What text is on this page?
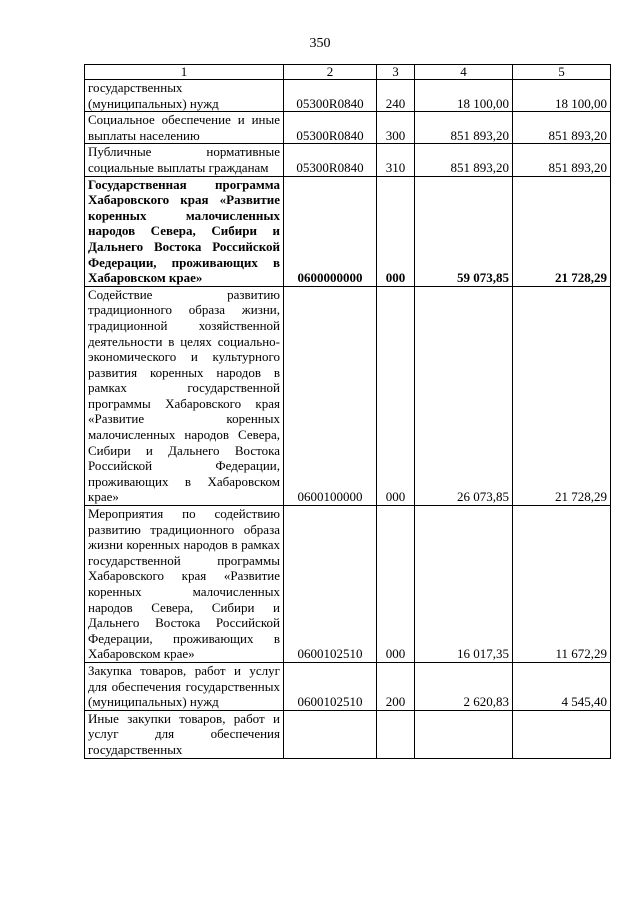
350
1	2	3	4	5
государственных (муниципальных) нужд	05300R0840	240	18 100,00	18 100,00
Социальное обеспечение и иные выплаты населению	05300R0840	300	851 893,20	851 893,20
Публичные нормативные социальные выплаты гражданам	05300R0840	310	851 893,20	851 893,20
Государственная программа Хабаровского края «Развитие коренных малочисленных народов Севера, Сибири и Дальнего Востока Российской Федерации, проживающих в Хабаровском крае»	0600000000	000	59 073,85	21 728,29
Содействие развитию традиционного образа жизни, традиционной хозяйственной деятельности в целях социально-экономического и культурного развития коренных народов в рамках государственной программы Хабаровского края «Развитие коренных малочисленных народов Севера, Сибири и Дальнего Востока Российской Федерации, проживающих в Хабаровском крае»	0600100000	000	26 073,85	21 728,29
Мероприятия по содействию развитию традиционного образа жизни коренных народов в рамках государственной программы Хабаровского края «Развитие коренных малочисленных народов Севера, Сибири и Дальнего Востока Российской Федерации, проживающих в Хабаровском крае»	0600102510	000	16 017,35	11 672,29
Закупка товаров, работ и услуг для обеспечения государственных (муниципальных) нужд	0600102510	200	2 620,83	4 545,40
Иные закупки товаров, работ и услуг для обеспечения государственных				
